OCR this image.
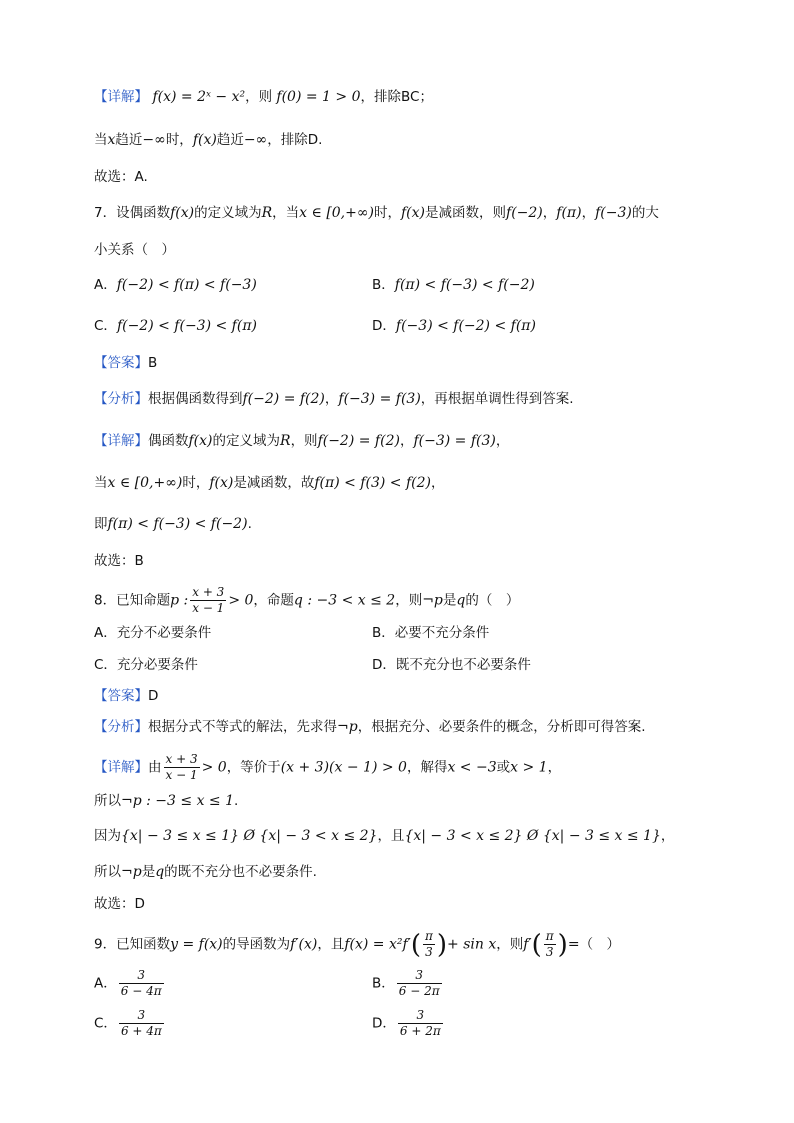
【详解】 f(x) = 2ˣ − x²，则 f(0) = 1 > 0，排除BC；
当x趋近−∞时，f(x)趋近−∞，排除D.
故选：A.
7．设偶函数f(x)的定义域为R，当x ∈ [0,+∞)时，f(x)是减函数，则f(−2)，f(π)，f(−3)的大
小关系（　）
A．f(−2) < f(π) < f(−3)	B．f(π) < f(−3) < f(−2)
C．f(−2) < f(−3) < f(π)	D．f(−3) < f(−2) < f(π)
【答案】B
【分析】根据偶函数得到f(−2) = f(2)，f(−3) = f(3)，再根据单调性得到答案.
【详解】偶函数f(x)的定义域为R，则f(−2) = f(2)，f(−3) = f(3)，
当x ∈ [0,+∞)时，f(x)是减函数，故f(π) < f(3) < f(2)，
即f(π) < f(−3) < f(−2).
故选：B
8．已知命题p : $\frac{x + 3}{x - 1} > 0$，命题q : −3 < x ≤ 2，则¬p是q的（　）
A．充分不必要条件	B．必要不充分条件
C．充分必要条件	D．既不充分也不必要条件
【答案】D
【分析】根据分式不等式的解法，先求得¬p，根据充分、必要条件的概念，分析即可得答案.
【详解】由 $\frac{x + 3}{x - 1} > 0$，等价于(x + 3)(x − 1) > 0，解得x < −3或x > 1，
所以¬p : −3 ≤ x ≤ 1.
因为{x| − 3 ≤ x ≤ 1} Ø {x| − 3 < x ≤ 2}，且{x| − 3 < x ≤ 2} Ø {x| − 3 ≤ x ≤ 1}，
所以¬p是q的既不充分也不必要条件.
故选：D
9．已知函数y = f(x)的导函数为f′(x)，且$f(x) = x^2f'( \frac{\pi}{3}$ )+ sin x，则$f'( \frac{\pi}{3}$ )=（　）
A． $\frac{3}{6 - 4\pi}$	B． $\frac{3}{6 - 2\pi}$
C． $\frac{3}{6 + 4\pi}$	D． $\frac{3}{6 + 2\pi}$
